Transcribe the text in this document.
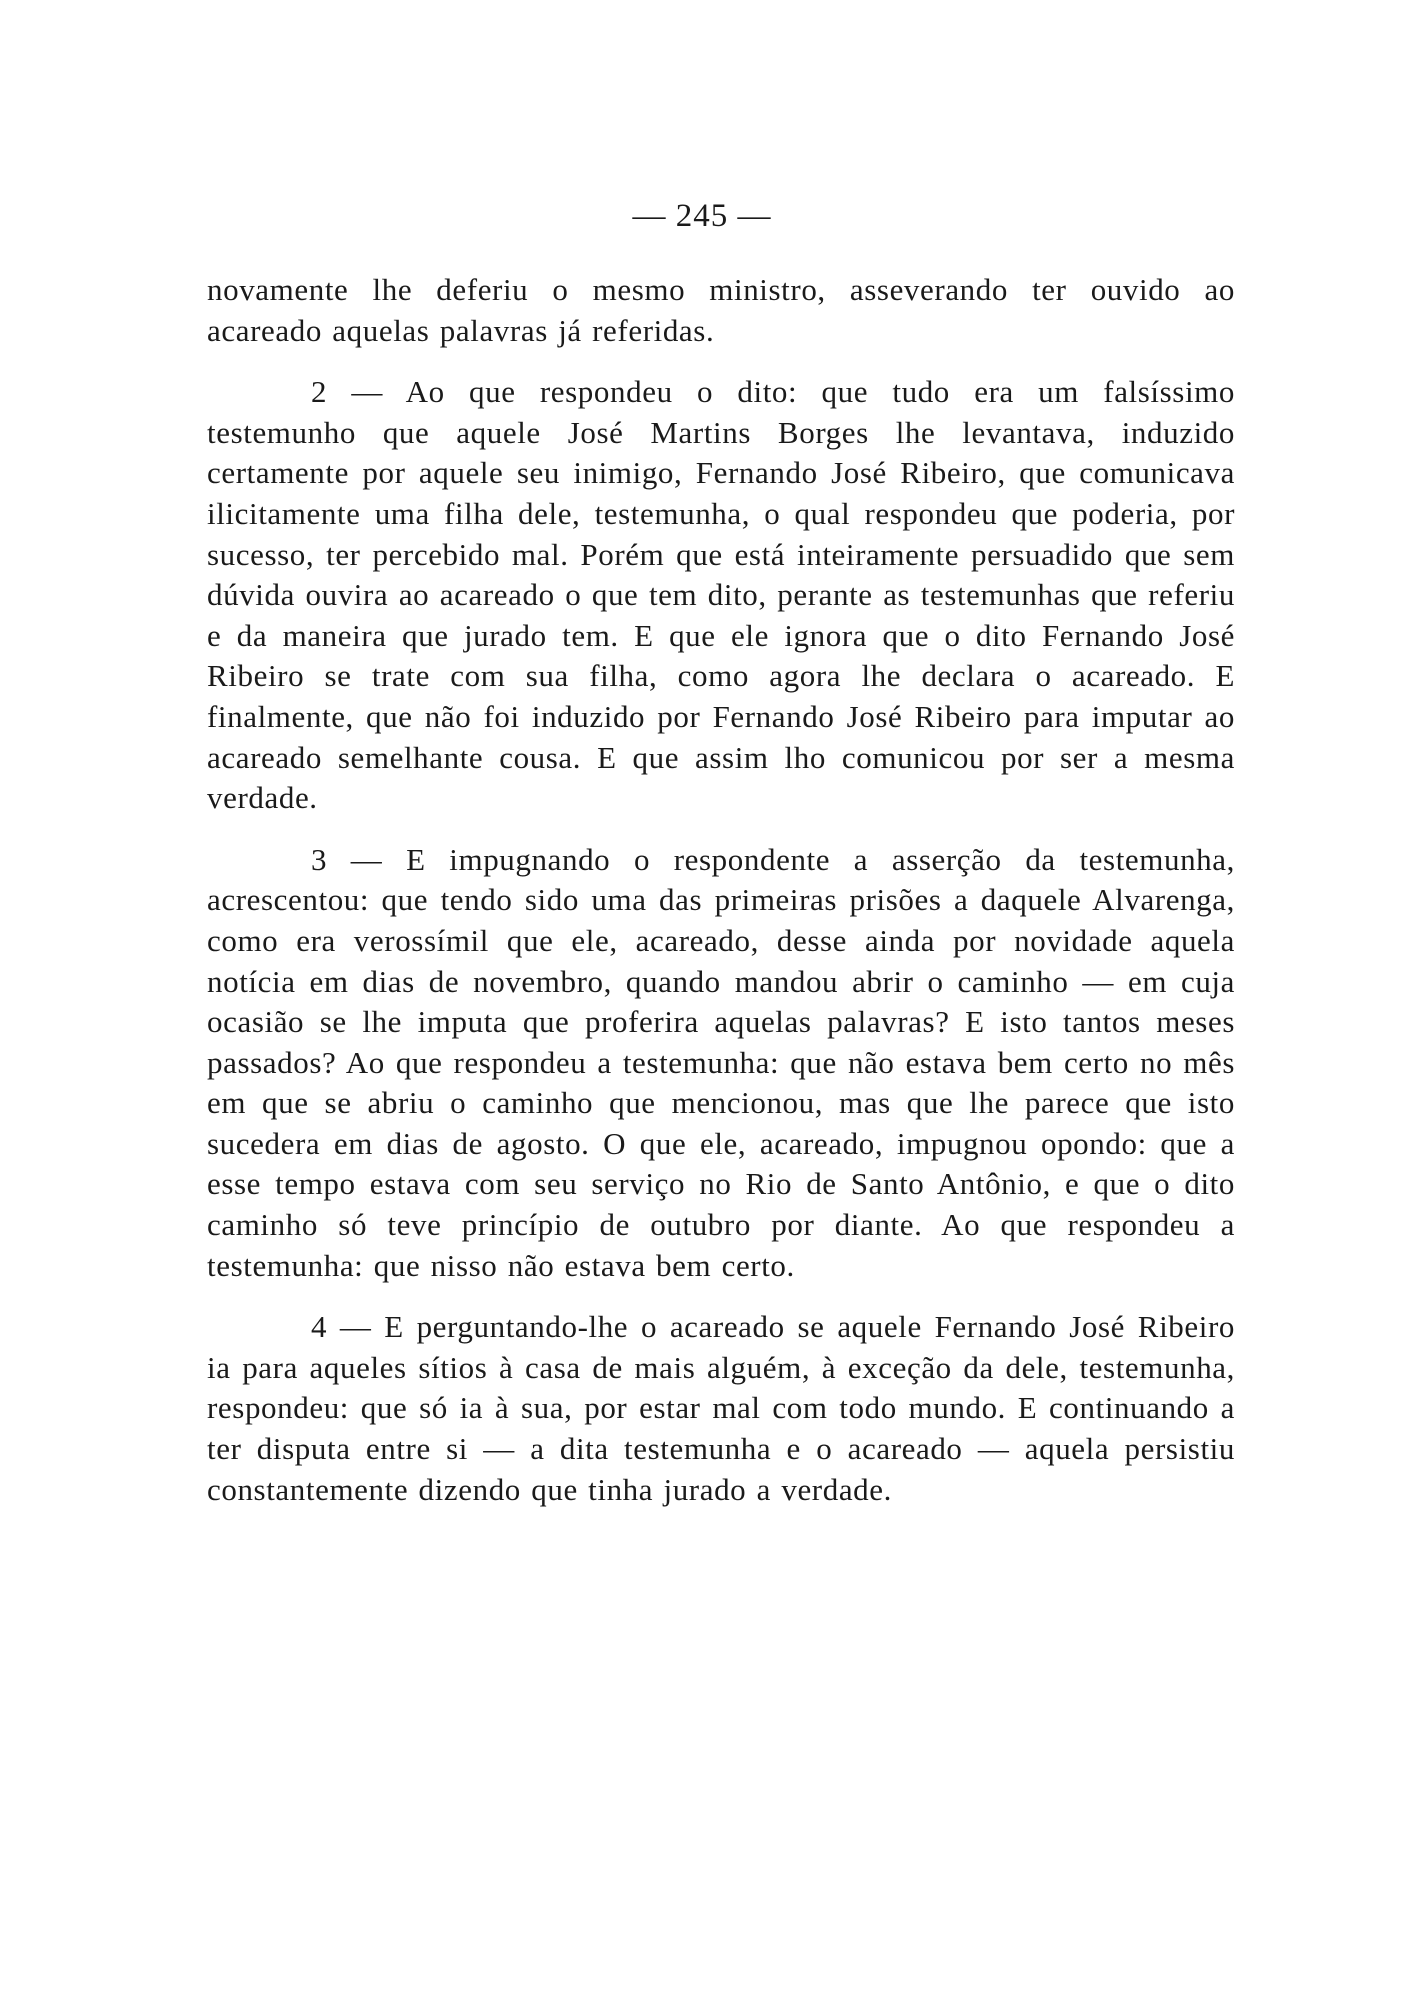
— 245 —

novamente lhe deferiu o mesmo ministro, asseverando ter ouvido ao acareado aquelas palavras já referidas.

2 — Ao que respondeu o dito: que tudo era um falsíssimo testemunho que aquele José Martins Borges lhe levantava, induzido certamente por aquele seu inimigo, Fernando José Ribeiro, que comunicava ilicitamente uma filha dele, testemunha, o qual respondeu que poderia, por sucesso, ter percebido mal. Porém que está inteiramente persuadido que sem dúvida ouvira ao acareado o que tem dito, perante as testemunhas que referiu e da maneira que jurado tem. E que ele ignora que o dito Fernando José Ribeiro se trate com sua filha, como agora lhe declara o acareado. E finalmente, que não foi induzido por Fernando José Ribeiro para imputar ao acareado semelhante cousa. E que assim lho comunicou por ser a mesma verdade.

3 — E impugnando o respondente a asserção da testemunha, acrescentou: que tendo sido uma das primeiras prisões a daquele Alvarenga, como era verossímil que ele, acareado, desse ainda por novidade aquela notícia em dias de novembro, quando mandou abrir o caminho — em cuja ocasião se lhe imputa que proferira aquelas palavras? E isto tantos meses passados? Ao que respondeu a testemunha: que não estava bem certo no mês em que se abriu o caminho que mencionou, mas que lhe parece que isto sucedera em dias de agosto. O que ele, acareado, impugnou opondo: que a esse tempo estava com seu serviço no Rio de Santo Antônio, e que o dito caminho só teve princípio de outubro por diante. Ao que respondeu a testemunha: que nisso não estava bem certo.

4 — E perguntando-lhe o acareado se aquele Fernando José Ribeiro ia para aqueles sítios à casa de mais alguém, à exceção da dele, testemunha, respondeu: que só ia à sua, por estar mal com todo mundo. E continuando a ter disputa entre si — a dita testemunha e o acareado — aquela persistiu constantemente dizendo que tinha jurado a verdade.
